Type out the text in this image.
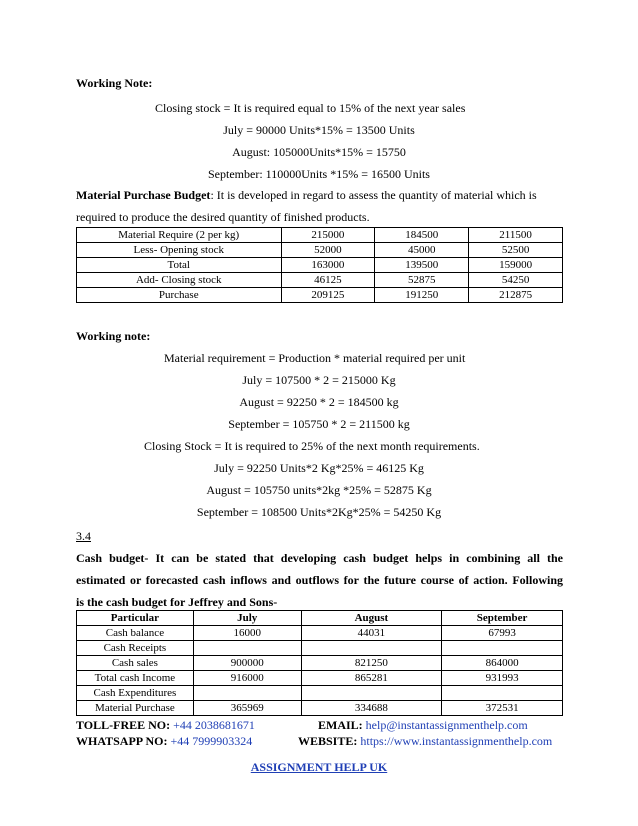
Working Note:
Closing stock = It is required equal to 15% of the next year sales
July = 90000 Units*15% = 13500 Units
August: 105000Units*15% = 15750
September: 110000Units *15% = 16500 Units
Material Purchase Budget: It is developed in regard to assess the quantity of material which is
required to produce the desired quantity of finished products.
Material Require (2 per kg)	215000	184500	211500
Less- Opening stock	52000	45000	52500
Total	163000	139500	159000
Add- Closing stock	46125	52875	54250
Purchase	209125	191250	212875
Working note:
Material requirement = Production * material required per unit
July = 107500 * 2 = 215000 Kg
August = 92250 * 2 = 184500 kg
September = 105750 * 2 = 211500 kg
Closing Stock = It is required to 25% of the next month requirements.
July = 92250 Units*2 Kg*25% = 46125 Kg
August = 105750 units*2kg *25% = 52875 Kg
September = 108500 Units*2Kg*25% = 54250 Kg
3.4
Cash budget- It can be stated that developing cash budget helps in combining all the
estimated or forecasted cash inflows and outflows for the future course of action. Following
is the cash budget for Jeffrey and Sons-
Particular	July	August	September
Cash balance	16000	44031	67993
Cash Receipts			
Cash sales	900000	821250	864000
Total cash Income	916000	865281	931993
Cash Expenditures			
Material Purchase	365969	334688	372531
TOLL-FREE NO: +44 2038681671	EMAIL: help@instantassignmenthelp.com
WHATSAPP NO: +44 7999903324	WEBSITE: https://www.instantassignmenthelp.com
ASSIGNMENT HELP UK
